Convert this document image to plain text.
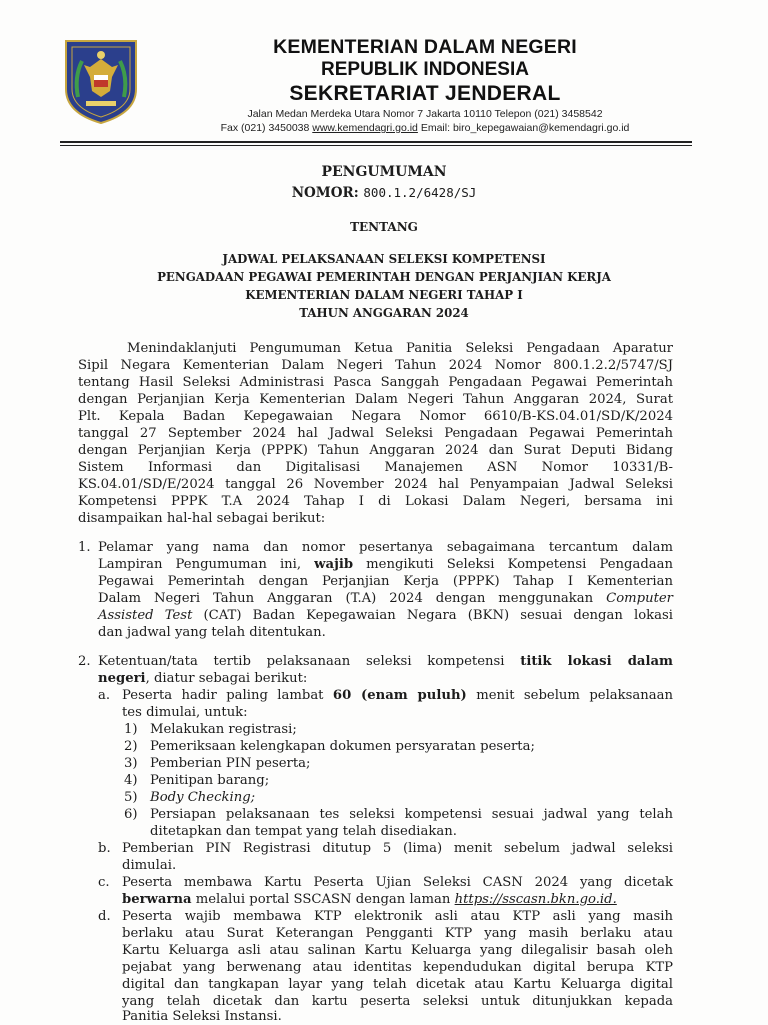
KEMENTERIAN DALAM NEGERI
REPUBLIK INDONESIA
SEKRETARIAT JENDERAL
Jalan Medan Merdeka Utara Nomor 7 Jakarta 10110 Telepon (021) 3458542
Fax (021) 3450038 www.kemendagri.go.id Email: biro_kepegawaian@kemendagri.go.id
PENGUMUMAN
NOMOR: 800.1.2/6428/SJ
TENTANG
JADWAL PELAKSANAAN SELEKSI KOMPETENSI
PENGADAAN PEGAWAI PEMERINTAH DENGAN PERJANJIAN KERJA
KEMENTERIAN DALAM NEGERI TAHAP I
TAHUN ANGGARAN 2024
Menindaklanjuti Pengumuman Ketua Panitia Seleksi Pengadaan Aparatur
Sipil Negara Kementerian Dalam Negeri Tahun 2024 Nomor 800.1.2.2/5747/SJ
tentang Hasil Seleksi Administrasi Pasca Sanggah Pengadaan Pegawai Pemerintah
dengan Perjanjian Kerja Kementerian Dalam Negeri Tahun Anggaran 2024, Surat
Plt. Kepala Badan Kepegawaian Negara Nomor 6610/B-KS.04.01/SD/K/2024
tanggal 27 September 2024 hal Jadwal Seleksi Pengadaan Pegawai Pemerintah
dengan Perjanjian Kerja (PPPK) Tahun Anggaran 2024 dan Surat Deputi Bidang
Sistem Informasi dan Digitalisasi Manajemen ASN Nomor 10331/B-
KS.04.01/SD/E/2024 tanggal 26 November 2024 hal Penyampaian Jadwal Seleksi
Kompetensi PPPK T.A 2024 Tahap I di Lokasi Dalam Negeri, bersama ini
disampaikan hal-hal sebagai berikut:
1. Pelamar yang nama dan nomor pesertanya sebagaimana tercantum dalam
Lampiran Pengumuman ini, wajib mengikuti Seleksi Kompetensi Pengadaan
Pegawai Pemerintah dengan Perjanjian Kerja (PPPK) Tahap I Kementerian
Dalam Negeri Tahun Anggaran (T.A) 2024 dengan menggunakan Computer
Assisted Test (CAT) Badan Kepegawaian Negara (BKN) sesuai dengan lokasi
dan jadwal yang telah ditentukan.
2. Ketentuan/tata tertib pelaksanaan seleksi kompetensi titik lokasi dalam
negeri, diatur sebagai berikut:
a. Peserta hadir paling lambat 60 (enam puluh) menit sebelum pelaksanaan
tes dimulai, untuk:
1) Melakukan registrasi;
2) Pemeriksaan kelengkapan dokumen persyaratan peserta;
3) Pemberian PIN peserta;
4) Penitipan barang;
5) Body Checking;
6) Persiapan pelaksanaan tes seleksi kompetensi sesuai jadwal yang telah
ditetapkan dan tempat yang telah disediakan.
b. Pemberian PIN Registrasi ditutup 5 (lima) menit sebelum jadwal seleksi
dimulai.
c. Peserta membawa Kartu Peserta Ujian Seleksi CASN 2024 yang dicetak
berwarna melalui portal SSCASN dengan laman https://sscasn.bkn.go.id.
d. Peserta wajib membawa KTP elektronik asli atau KTP asli yang masih
berlaku atau Surat Keterangan Pengganti KTP yang masih berlaku atau
Kartu Keluarga asli atau salinan Kartu Keluarga yang dilegalisir basah oleh
pejabat yang berwenang atau identitas kependudukan digital berupa KTP
digital dan tangkapan layar yang telah dicetak atau Kartu Keluarga digital
yang telah dicetak dan kartu peserta seleksi untuk ditunjukkan kepada
Panitia Seleksi Instansi.
